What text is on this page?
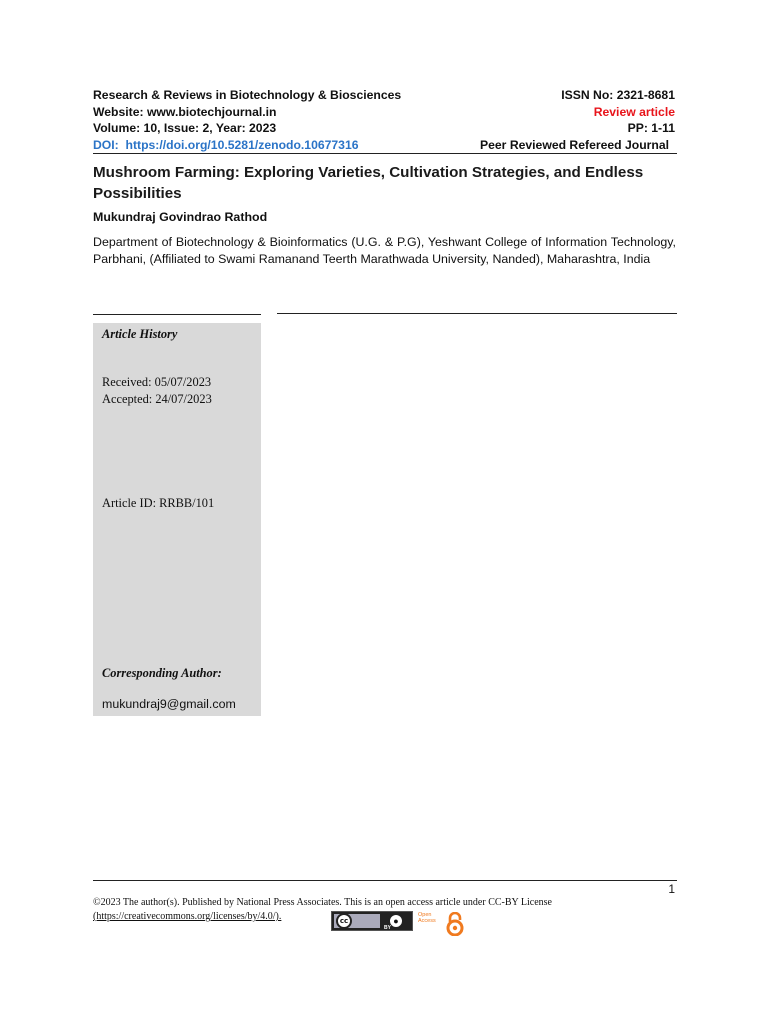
Research & Reviews in Biotechnology & Biosciences	ISSN No: 2321-8681
Website: www.biotechjournal.in	Review article
Volume: 10, Issue: 2, Year: 2023	PP: 1-11
DOI: https://doi.org/10.5281/zenodo.10677316	Peer Reviewed Refereed Journal
Mushroom Farming: Exploring Varieties, Cultivation Strategies, and Endless Possibilities
Mukundraj Govindrao Rathod
Department of Biotechnology & Bioinformatics (U.G. & P.G), Yeshwant College of Information Technology, Parbhani, (Affiliated to Swami Ramanand Teerth Marathwada University, Nanded), Maharashtra, India
Article History
Received: 05/07/2023
Accepted: 24/07/2023
Article ID: RRBB/101
Corresponding Author:
mukundraj9@gmail.com
1
©2023 The author(s). Published by National Press Associates. This is an open access article under CC-BY License
(https://creativecommons.org/licenses/by/4.0/).	cc	●
BY
Open
Access
